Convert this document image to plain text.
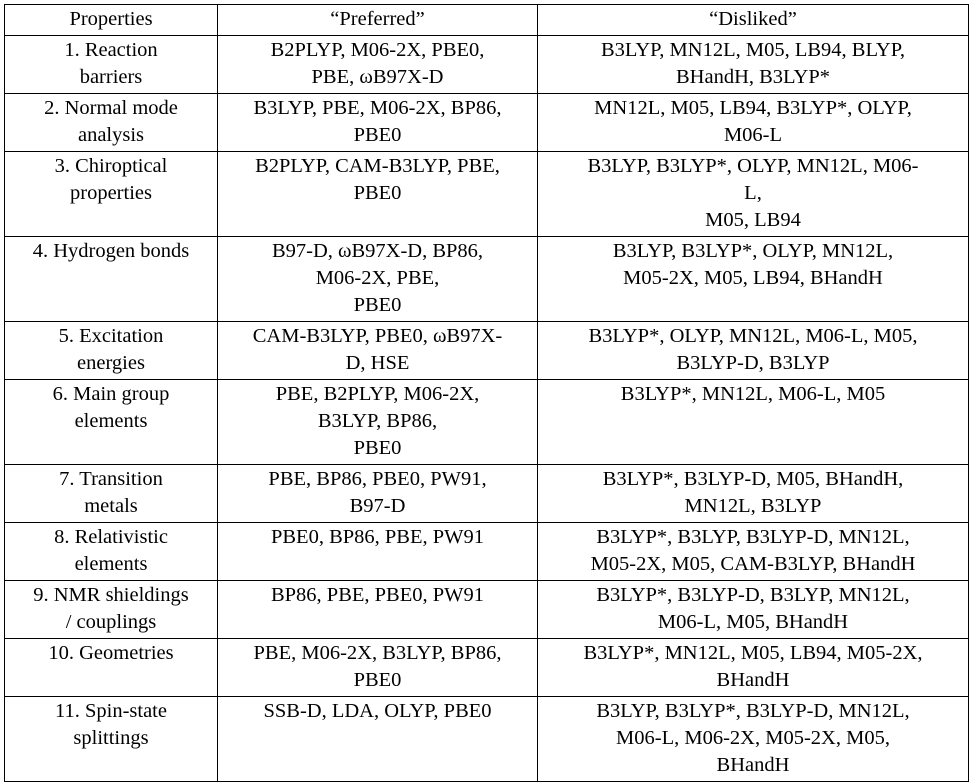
Properties	“Preferred”	“Disliked”

1. Reaction
barriers	B2PLYP, M06-2X, PBE0,
PBE, ωB97X-D	B3LYP, MN12L, M05, LB94, BLYP,
BHandH, B3LYP*

2. Normal mode
analysis	B3LYP, PBE, M06-2X, BP86,
PBE0	MN12L, M05, LB94, B3LYP*, OLYP,
M06-L

3. Chiroptical
properties	B2PLYP, CAM-B3LYP, PBE,
PBE0	B3LYP, B3LYP*, OLYP, MN12L, M06-
L,
M05, LB94

4. Hydrogen bonds	B97-D, ωB97X-D, BP86,
M06-2X, PBE,
PBE0	B3LYP, B3LYP*, OLYP, MN12L,
M05-2X, M05, LB94, BHandH

5. Excitation
energies	CAM-B3LYP, PBE0, ωB97X-
D, HSE	B3LYP*, OLYP, MN12L, M06-L, M05,
B3LYP-D, B3LYP

6. Main group
elements	PBE, B2PLYP, M06-2X,
B3LYP, BP86,
PBE0	B3LYP*, MN12L, M06-L, M05

7. Transition
metals	PBE, BP86, PBE0, PW91,
B97-D	B3LYP*, B3LYP-D, M05, BHandH,
MN12L, B3LYP

8. Relativistic
elements	PBE0, BP86, PBE, PW91	B3LYP*, B3LYP, B3LYP-D, MN12L,
M05-2X, M05, CAM-B3LYP, BHandH

9. NMR shieldings
/ couplings	BP86, PBE, PBE0, PW91	B3LYP*, B3LYP-D, B3LYP, MN12L,
M06-L, M05, BHandH

10. Geometries	PBE, M06-2X, B3LYP, BP86,
PBE0	B3LYP*, MN12L, M05, LB94, M05-2X,
BHandH

11. Spin-state
splittings	SSB-D, LDA, OLYP, PBE0	B3LYP, B3LYP*, B3LYP-D, MN12L,
M06-L, M06-2X, M05-2X, M05,
BHandH
